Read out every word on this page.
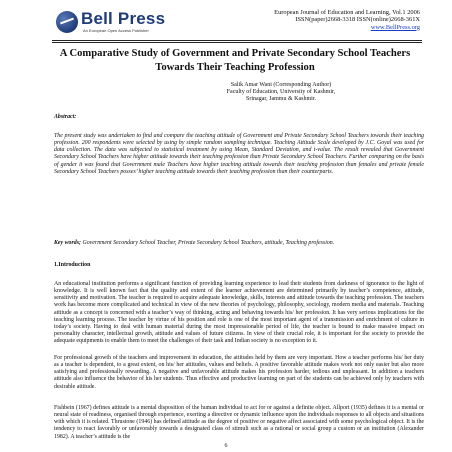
Bell Press
An European Open Access Publisher
European Journal of Education and Learning, Vol.1 2006
ISSN(paper)2668-3318 ISSN(online)2668-361X
www.BellPress.org
A Comparative Study of Government and Private Secondary School Teachers Towards Their Teaching Profession
Salik Amar Wani (Corresponding Author)
Faculty of Education, University of Kashmir,
Srinagar, Jammu & Kashmir.
Abstract:

The present study was undertaken to find and compare the teaching attitude of Government and Private Secondary School Teachers towards their teaching profession. 200 respondents were selected by using by simple random sampling technique. Teaching Attitude Scale developed by J.C. Goyal was used for data collection. The data was subjected to statistical treatment by using Mean, Standard Deviation, and t-value. The result revealed that Government Secondary School Teachers have higher attitude towards their teaching profession than Private Secondary School Teachers. Further comparing on the basis of gender it was found that Government male Teachers have higher teaching attitude towards their teaching profession than females and private female Secondary School Teachers posses’ higher teaching attitude towards their teaching profession than their counterparts.

Key words; Government Secondary School Teacher, Private Secondary School Teachers, attitude, Teaching profession.
1.Introduction

An educational institution performs a significant function of providing learning experience to lead their students from darkness of ignorance to the light of knowledge. It is well known fact that the quality and extent of the learner achievement are determined primarily by teacher’s competence, attitude, sensitivity and motivation. The teacher is required to acquire adequate knowledge, skills, interests and attitude towards the teaching profession. The teachers work has become more complicated and technical in view of the new theories of psychology, philosophy, sociology, modern media and materials. Teaching attitude as a concept is concerned with a teacher’s way of thinking, acting and behaving towards his/ her profession. It has very serious implications for the teaching learning process. The teacher by virtue of his position and role is one of the most important agent of a transmission and enrichment of culture in today’s society. Having to deal with human material during the most impressionable period of life, the teacher is bound to make massive impact on personality character, intellectual growth, attitude and values of future citizens. In view of their crucial role, it is important for the society to provide the adequate equipments to enable them to meet the challenges of their task and Indian society is no exception to it.

For professional growth of the teachers and improvement in education, the attitudes held by them are very important. How a teacher performs his/ her duty as a teacher is dependent, to a great extent, on his/ her attitudes, values and beliefs. A positive favorable attitude makes work not only easier but also more satisfying and professionally rewarding. A negative and unfavorable attitude makes his profession harder, tedious and unpleasant. In addition a teachers attitude also influence the behavior of his her students. Thus effective and productive learning on part of the students can be achieved only by teachers with desirable attitude.

Fishbein (1967) defines attitude is a mental disposition of the human individual to act for or against a definite object. Allport (1935) defines it is a mental or neural state of readiness, organised through experience, exerting a directive or dynamic influence upon the individuals responses to all objects and situations with which it is related. Thrustone (1946) has defined attitude as the degree of positive or negative affect associated with some psychological object. It is the tendency to react favorably or unfavorably towards a designated class of stimuli such as a rational or social group a custom or an institution (Alexander 1982). A teacher’s attitude is the

6
